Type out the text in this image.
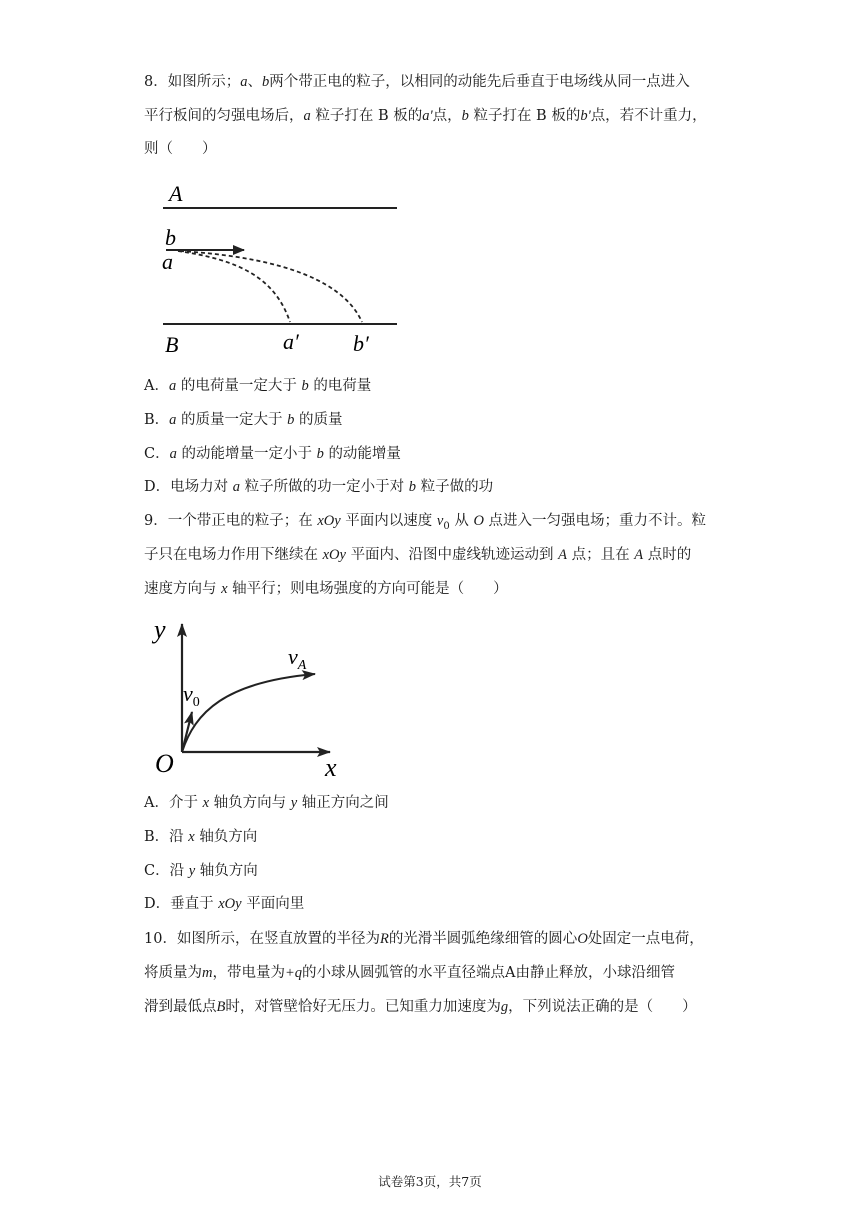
8．如图所示；a、b两个带正电的粒子，以相同的动能先后垂直于电场线从同一点进入
平行板间的匀强电场后，a 粒子打在 B 板的a'点，b 粒子打在 B 板的b'点，若不计重力，
则（　　）
A
B
b
a
a′ b′
A．a 的电荷量一定大于 b 的电荷量
B．a 的质量一定大于 b 的质量
C．a 的动能增量一定小于 b 的动能增量
D．电场力对 a 粒子所做的功一定小于对 b 粒子做的功
9．一个带正电的粒子；在 xOy 平面内以速度 $v_0$ 从 O 点进入一匀强电场；重力不计。粒
子只在电场力作用下继续在 xOy 平面内、沿图中虚线轨迹运动到 A 点；且在 A 点时的
速度方向与 x 轴平行；则电场强度的方向可能是（　　）
y
x
O
$v_A$
$v_0$
A．介于 x 轴负方向与 y 轴正方向之间
B．沿 x 轴负方向
C．沿 y 轴负方向
D．垂直于 xOy 平面向里
10．如图所示，在竖直放置的半径为R的光滑半圆弧绝缘细管的圆心O处固定一点电荷，
将质量为m，带电量为+q的小球从圆弧管的水平直径端点A由静止释放，小球沿细管
滑到最低点B时，对管壁恰好无压力。已知重力加速度为g，下列说法正确的是（　　）
试卷第3页，共7页
